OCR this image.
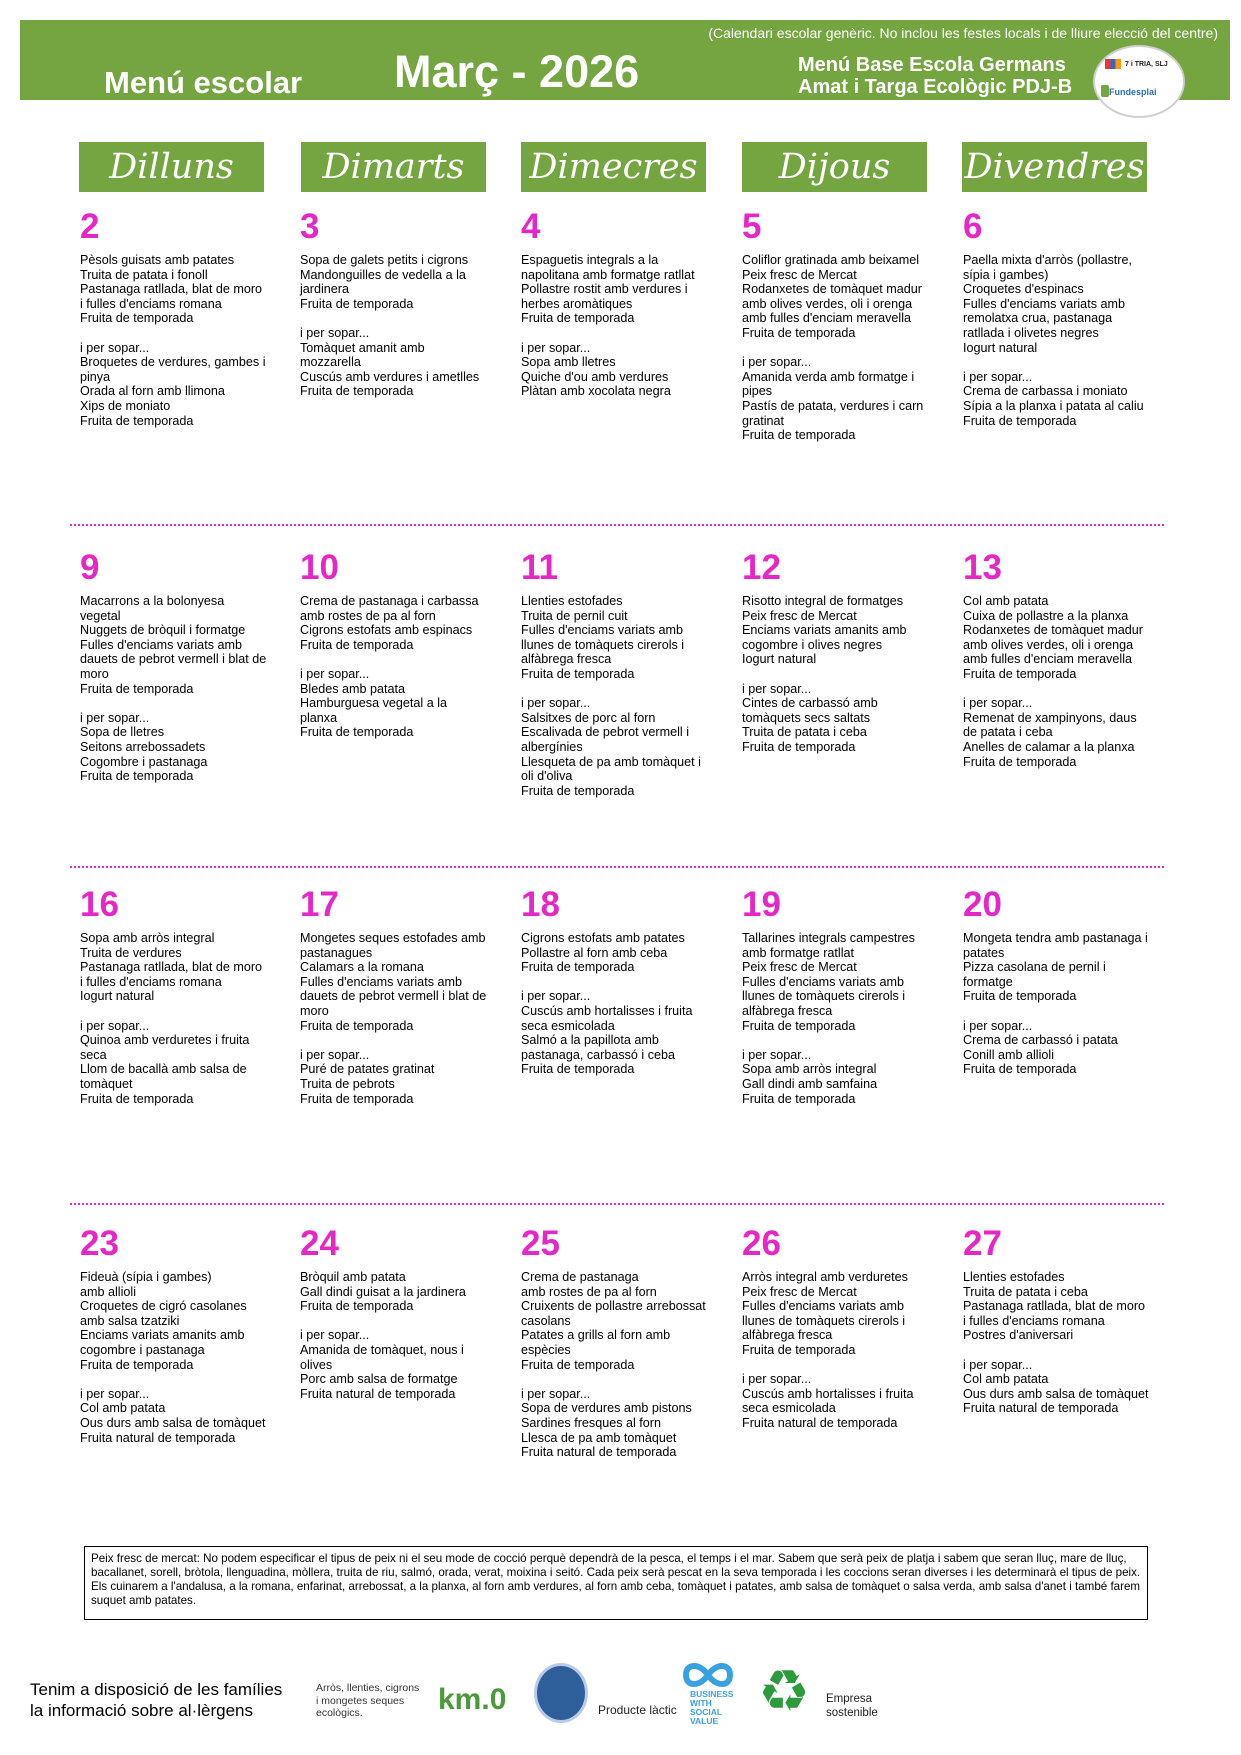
(Calendari escolar genèric. No inclou les festes locals i de lliure elecció del centre)
Menú escolar Març - 2026	Menú Base Escola Germans
Amat i Targa Ecològic PDJ-B
7 i TRIA, SLJ
Fundesplai
Dilluns	Dimarts	Dimecres	Dijous	Divendres
2
Pèsols guisats amb patates
Truita de patata i fonoll
Pastanaga ratllada, blat de moro
i fulles d'enciams romana
Fruita de temporada
i per sopar...
Broquetes de verdures, gambes i
pinya
Orada al forn amb llimona
Xips de moniato
Fruita de temporada
3
Sopa de galets petits i cigrons
Mandonguilles de vedella a la
jardinera
Fruita de temporada
i per sopar...
Tomàquet amanit amb
mozzarella
Cuscús amb verdures i ametlles
Fruita de temporada
4
Espaguetis integrals a la
napolitana amb formatge ratllat
Pollastre rostit amb verdures i
herbes aromàtiques
Fruita de temporada
i per sopar...
Sopa amb lletres
Quiche d'ou amb verdures
Plàtan amb xocolata negra
5
Coliflor gratinada amb beixamel
Peix fresc de Mercat
Rodanxetes de tomàquet madur
amb olives verdes, oli i orenga
amb fulles d'enciam meravella
Fruita de temporada
i per sopar...
Amanida verda amb formatge i
pipes
Pastís de patata, verdures i carn
gratinat
Fruita de temporada
6
Paella mixta d'arròs (pollastre,
sípia i gambes)
Croquetes d'espinacs
Fulles d'enciams variats amb
remolatxa crua, pastanaga
ratllada i olivetes negres
Iogurt natural
i per sopar...
Crema de carbassa i moniato
Sípia a la planxa i patata al caliu
Fruita de temporada
9
Macarrons a la bolonyesa
vegetal
Nuggets de bròquil i formatge
Fulles d'enciams variats amb
dauets de pebrot vermell i blat de
moro
Fruita de temporada
i per sopar...
Sopa de lletres
Seitons arrebossadets
Cogombre i pastanaga
Fruita de temporada
10
Crema de pastanaga i carbassa
amb rostes de pa al forn
Cigrons estofats amb espinacs
Fruita de temporada
i per sopar...
Bledes amb patata
Hamburguesa vegetal a la
planxa
Fruita de temporada
11
Llenties estofades
Truita de pernil cuit
Fulles d'enciams variats amb
llunes de tomàquets cirerols i
alfàbrega fresca
Fruita de temporada
i per sopar...
Salsitxes de porc al forn
Escalivada de pebrot vermell i
albergínies
Llesqueta de pa amb tomàquet i
oli d'oliva
Fruita de temporada
12
Risotto integral de formatges
Peix fresc de Mercat
Enciams variats amanits amb
cogombre i olives negres
Iogurt natural
i per sopar...
Cintes de carbassó amb
tomàquets secs saltats
Truita de patata i ceba
Fruita de temporada
13
Col amb patata
Cuixa de pollastre a la planxa
Rodanxetes de tomàquet madur
amb olives verdes, oli i orenga
amb fulles d'enciam meravella
Fruita de temporada
i per sopar...
Remenat de xampinyons, daus
de patata i ceba
Anelles de calamar a la planxa
Fruita de temporada
16
Sopa amb arròs integral
Truita de verdures
Pastanaga ratllada, blat de moro
i fulles d'enciams romana
Iogurt natural
i per sopar...
Quinoa amb verduretes i fruita
seca
Llom de bacallà amb salsa de
tomàquet
Fruita de temporada
17
Mongetes seques estofades amb
pastanagues
Calamars a la romana
Fulles d'enciams variats amb
dauets de pebrot vermell i blat de
moro
Fruita de temporada
i per sopar...
Puré de patates gratinat
Truita de pebrots
Fruita de temporada
18
Cigrons estofats amb patates
Pollastre al forn amb ceba
Fruita de temporada
i per sopar...
Cuscús amb hortalisses i fruita
seca esmicolada
Salmó a la papillota amb
pastanaga, carbassó i ceba
Fruita de temporada
19
Tallarines integrals campestres
amb formatge ratllat
Peix fresc de Mercat
Fulles d'enciams variats amb
llunes de tomàquets cirerols i
alfàbrega fresca
Fruita de temporada
i per sopar...
Sopa amb arròs integral
Gall dindi amb samfaina
Fruita de temporada
20
Mongeta tendra amb pastanaga i
patates
Pizza casolana de pernil i
formatge
Fruita de temporada
i per sopar...
Crema de carbassó i patata
Conill amb allioli
Fruita de temporada
23
Fideuà (sípia i gambes)
amb allioli
Croquetes de cigró casolanes
amb salsa tzatziki
Enciams variats amanits amb
cogombre i pastanaga
Fruita de temporada
i per sopar...
Col amb patata
Ous durs amb salsa de tomàquet
Fruita natural de temporada
24
Bròquil amb patata
Gall dindi guisat a la jardinera
Fruita de temporada
i per sopar...
Amanida de tomàquet, nous i
olives
Porc amb salsa de formatge
Fruita natural de temporada
25
Crema de pastanaga
amb rostes de pa al forn
Cruixents de pollastre arrebossat
casolans
Patates a grills al forn amb
espècies
Fruita de temporada
i per sopar...
Sopa de verdures amb pistons
Sardines fresques al forn
Llesca de pa amb tomàquet
Fruita natural de temporada
26
Arròs integral amb verduretes
Peix fresc de Mercat
Fulles d'enciams variats amb
llunes de tomàquets cirerols i
alfàbrega fresca
Fruita de temporada
i per sopar...
Cuscús amb hortalisses i fruita
seca esmicolada
Fruita natural de temporada
27
Llenties estofades
Truita de patata i ceba
Pastanaga ratllada, blat de moro
i fulles d'enciams romana
Postres d'aniversari
i per sopar...
Col amb patata
Ous durs amb salsa de tomàquet
Fruita natural de temporada
Peix fresc de mercat: No podem especificar el tipus de peix ni el seu mode de cocció perquè dependrà de la pesca, el temps i el mar. Sabem que serà peix de platja i sabem que seran lluç, mare de lluç, bacallanet, sorell, bròtola, llenguadina, mòllera, truita de riu, salmó, orada, verat, moixina i seitó. Cada peix serà pescat en la seva temporada i les coccions seran diverses i les determinarà el tipus de peix. Els cuinarem a l'andalusa, a la romana, enfarinat, arrebossat, a la planxa, al forn amb verdures, al forn amb ceba, tomàquet i patates, amb salsa de tomàquet o salsa verda, amb salsa d'anet i també farem suquet amb patates.
Tenim a disposició de les famílies
la informació sobre al·lèrgens
Arròs, llenties, cigrons
i mongetes seques
ecològics.	km.0	Producte làctic
BUSINESS
WITH
SOCIAL
VALUE ♻ Empresa
sostenible
